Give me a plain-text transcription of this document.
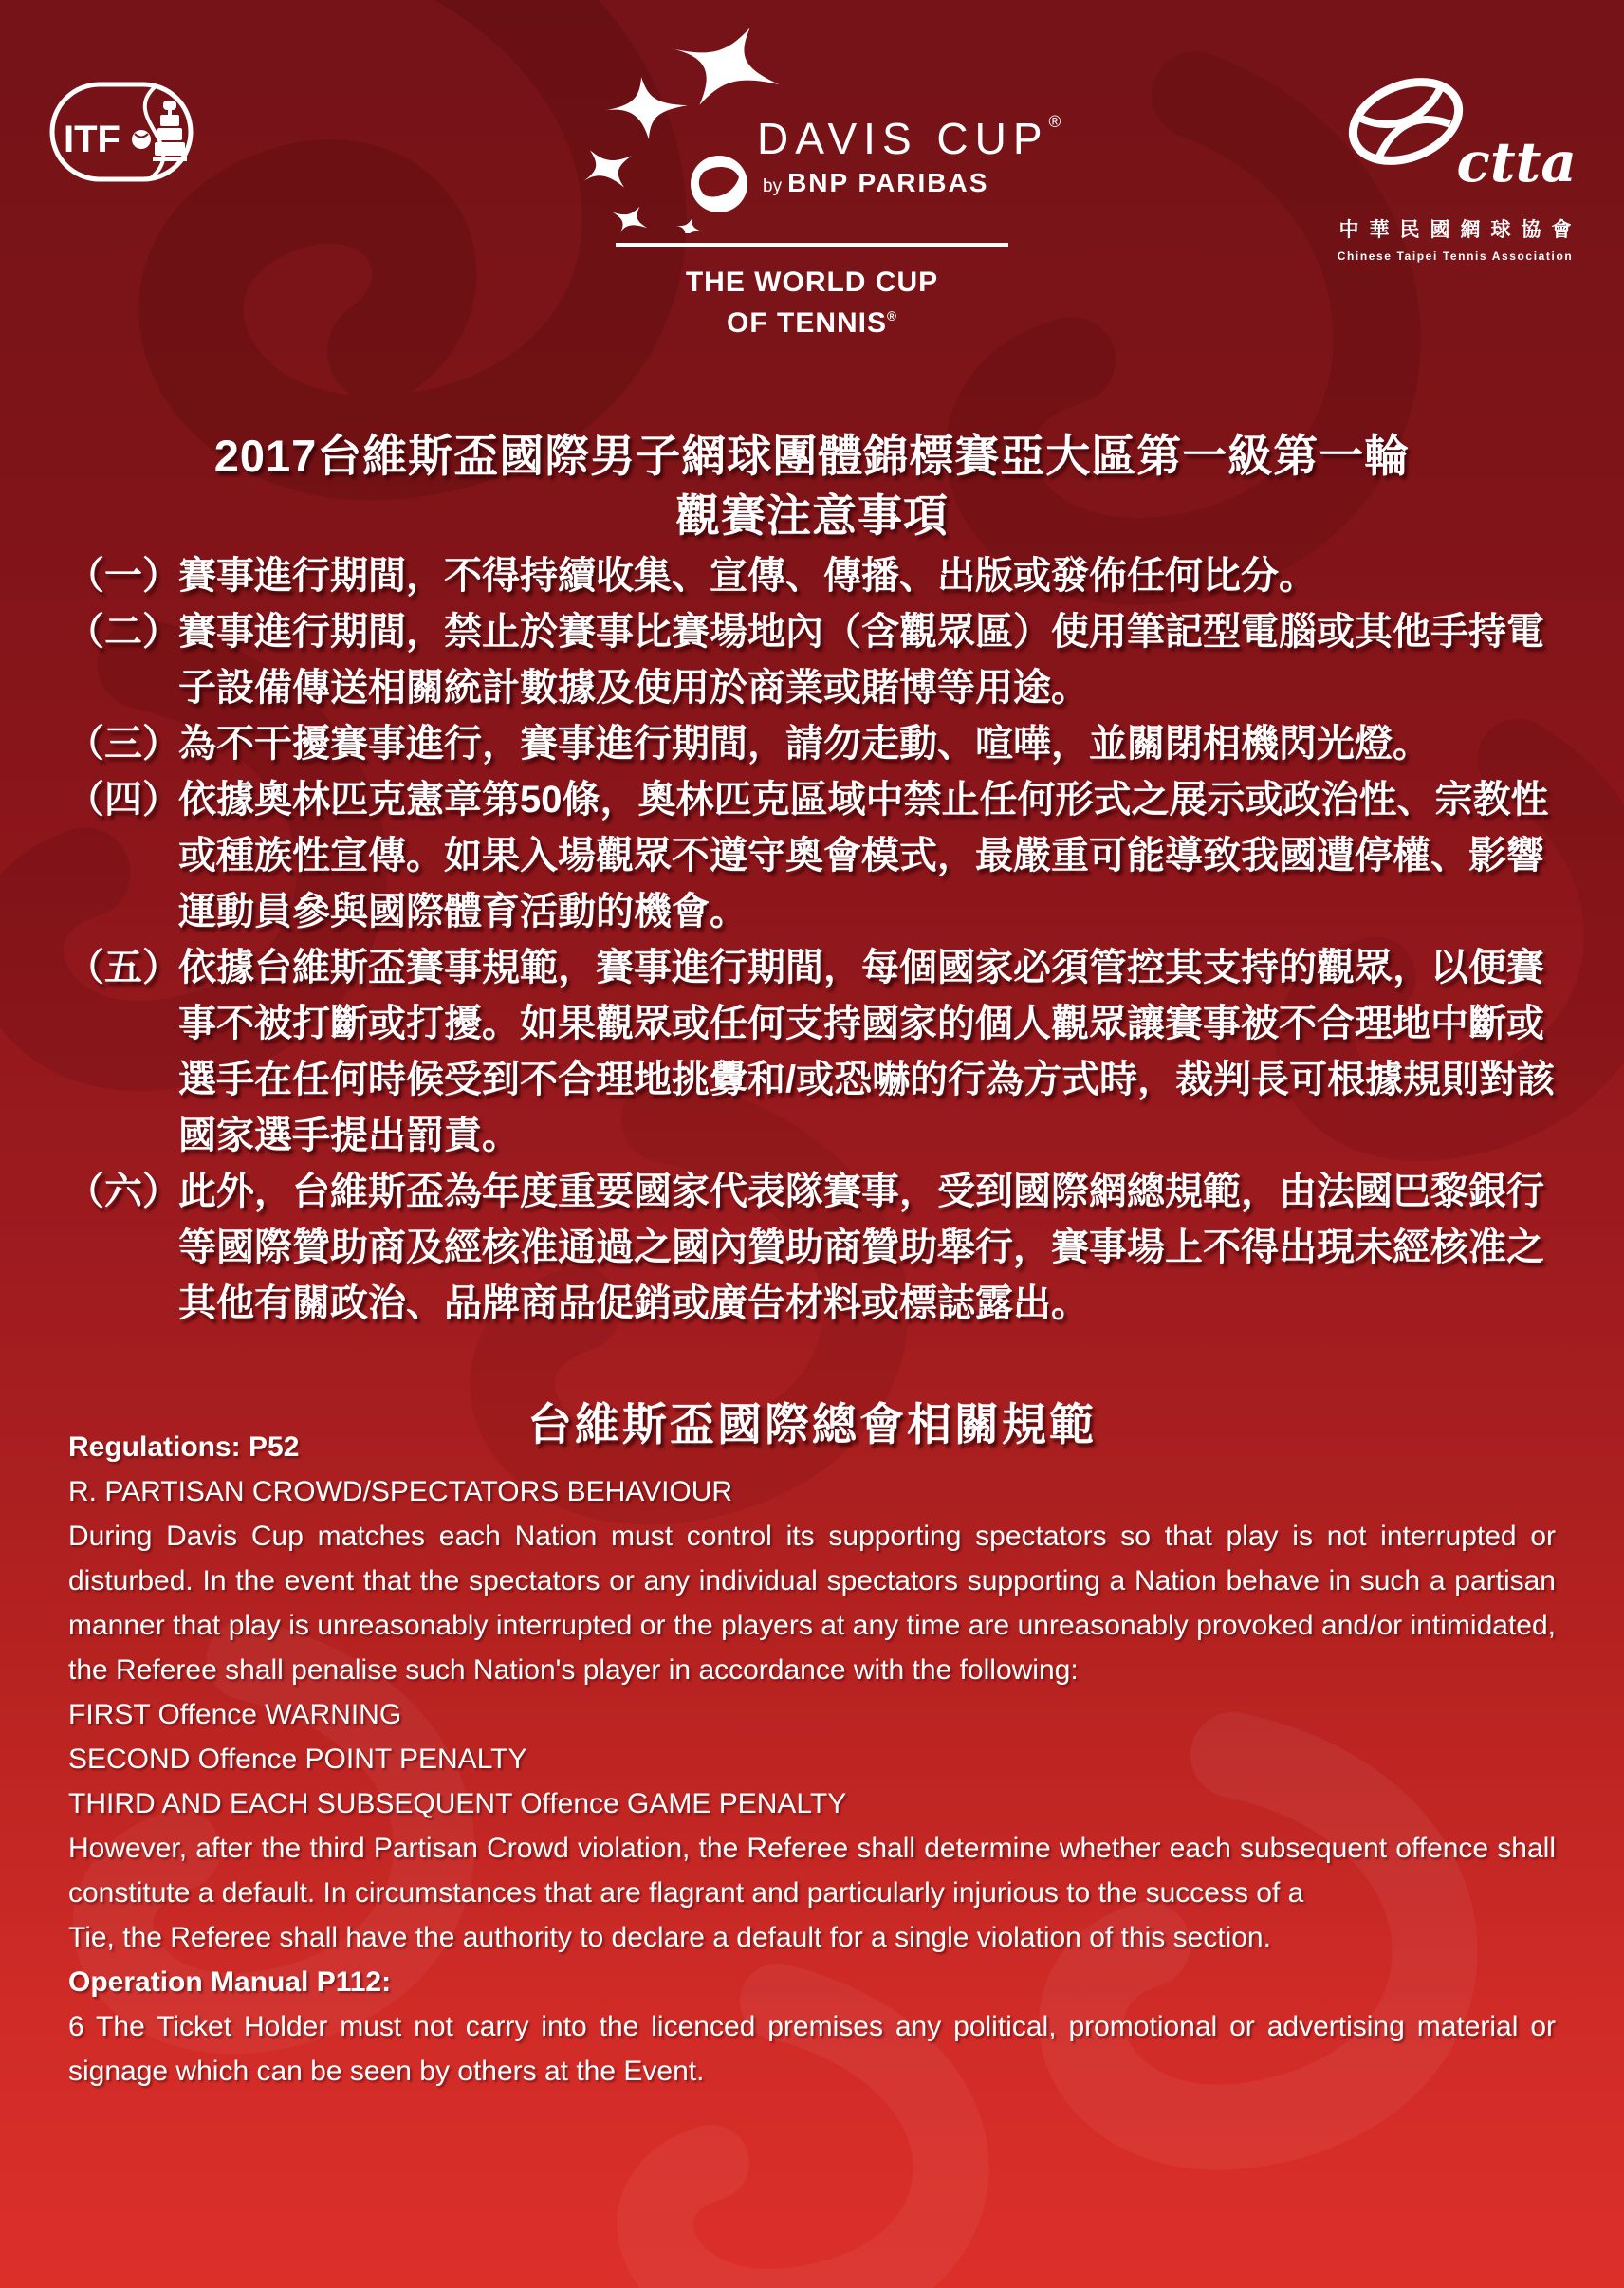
ITF	DAVIS CUP®
by BNP PARIBAS
THE WORLD CUP
OF TENNIS®
ctta
中華民國網球協會
Chinese Taipei Tennis Association
2017台維斯盃國際男子網球團體錦標賽亞大區第一級第一輪
觀賽注意事項
（一）
賽事進行期間，不得持續收集、宣傳、傳播、出版或發佈任何比分。
（二）
賽事進行期間，禁止於賽事比賽場地內（含觀眾區）使用筆記型電腦或其他手持電子設備傳送相關統計數據及使用於商業或賭博等用途。
（三）
為不干擾賽事進行，賽事進行期間，請勿走動、喧嘩，並關閉相機閃光燈。
（四）
依據奧林匹克憲章第50條，奧林匹克區域中禁止任何形式之展示或政治性、宗教性或種族性宣傳。如果入場觀眾不遵守奧會模式，最嚴重可能導致我國遭停權、影響運動員參與國際體育活動的機會。
（五）
依據台維斯盃賽事規範，賽事進行期間，每個國家必須管控其支持的觀眾，以便賽事不被打斷或打擾。如果觀眾或任何支持國家的個人觀眾讓賽事被不合理地中斷或選手在任何時候受到不合理地挑釁和/或恐嚇的行為方式時，裁判長可根據規則對該國家選手提出罰責。
（六）
此外，台維斯盃為年度重要國家代表隊賽事，受到國際網總規範，由法國巴黎銀行等國際贊助商及經核准通過之國內贊助商贊助舉行，賽事場上不得出現未經核准之其他有關政治、品牌商品促銷或廣告材料或標誌露出。
台維斯盃國際總會相關規範

Regulations: P52

R. PARTISAN CROWD/SPECTATORS BEHAVIOUR

During Davis Cup matches each Nation must control its supporting spectators so that play is not interrupted or disturbed. In the event that the spectators or any individual spectators supporting a Nation behave in such a partisan manner that play is unreasonably interrupted or the players at any time are unreasonably provoked and/or intimidated, the Referee shall penalise such Nation's player in accordance with the following:

FIRST Offence WARNING

SECOND Offence POINT PENALTY

THIRD AND EACH SUBSEQUENT Offence GAME PENALTY

However, after the third Partisan Crowd violation, the Referee shall determine whether each subsequent offence shall constitute a default. In circumstances that are flagrant and particularly injurious to the success of a

Tie, the Referee shall have the authority to declare a default for a single violation of this section.

Operation Manual P112:

6 The Ticket Holder must not carry into the licenced premises any political, promotional or advertising material or signage which can be seen by others at the Event.
